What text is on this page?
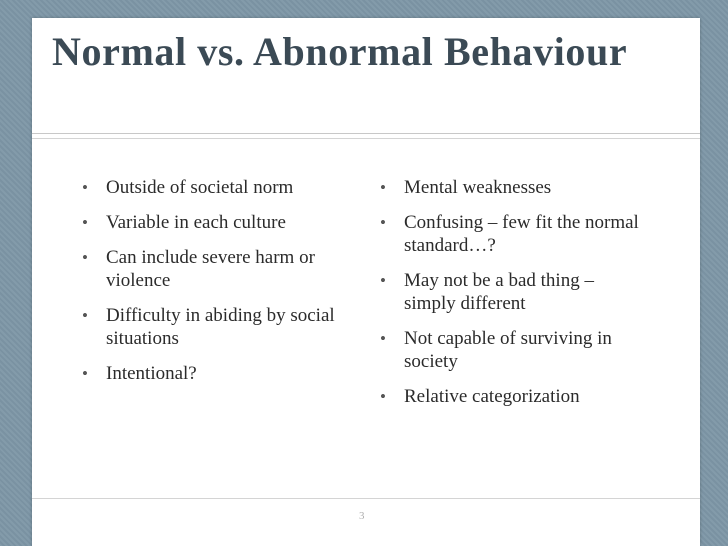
Normal vs. Abnormal Behaviour
• Outside of societal norm
• Variable in each culture
• Can include severe harm or violence
• Difficulty in abiding by social situations
• Intentional?
• Mental weaknesses
• Confusing – few fit the normal standard…?
• May not be a bad thing – simply different
• Not capable of surviving in society
• Relative categorization
3
